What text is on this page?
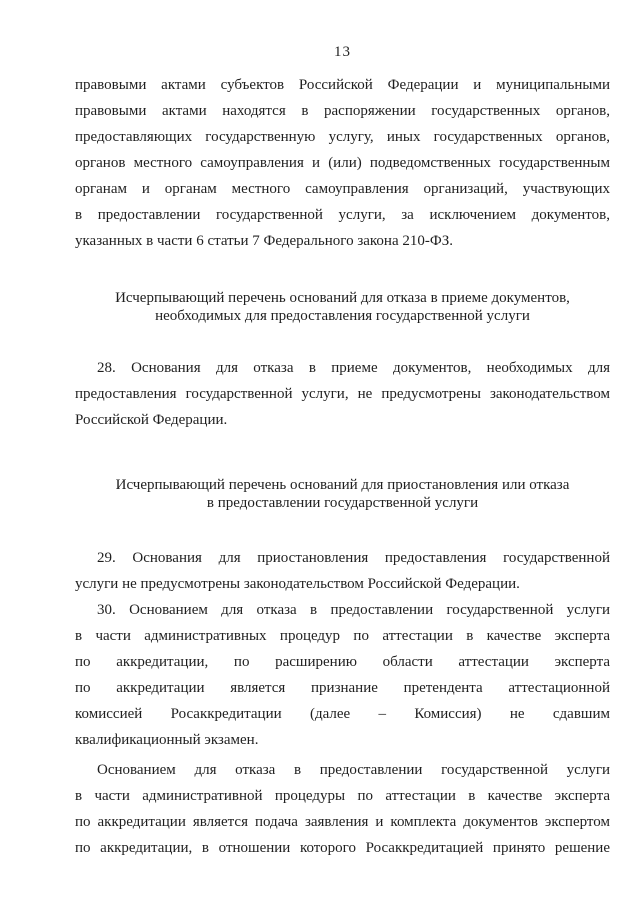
13
правовыми актами субъектов Российской Федерации и муниципальными
правовыми актами находятся в распоряжении государственных органов,
предоставляющих государственную услугу, иных государственных органов,
органов местного самоуправления и (или) подведомственных государственным
органам и органам местного самоуправления организаций, участвующих
в предоставлении государственной услуги, за исключением документов,
указанных в части 6 статьи 7 Федерального закона 210-ФЗ.
Исчерпывающий перечень оснований для отказа в приеме документов,
необходимых для предоставления государственной услуги
28. Основания для отказа в приеме документов, необходимых для
предоставления государственной услуги, не предусмотрены законодательством
Российской Федерации.
Исчерпывающий перечень оснований для приостановления или отказа
в предоставлении государственной услуги
29. Основания для приостановления предоставления государственной
услуги не предусмотрены законодательством Российской Федерации.
30. Основанием для отказа в предоставлении государственной услуги
в части административных процедур по аттестации в качестве эксперта
по аккредитации, по расширению области аттестации эксперта
по аккредитации является признание претендента аттестационной
комиссией Росаккредитации (далее – Комиссия) не сдавшим
квалификационный экзамен.
Основанием для отказа в предоставлении государственной услуги
в части административной процедуры по аттестации в качестве эксперта
по аккредитации является подача заявления и комплекта документов экспертом
по аккредитации, в отношении которого Росаккредитацией принято решение
